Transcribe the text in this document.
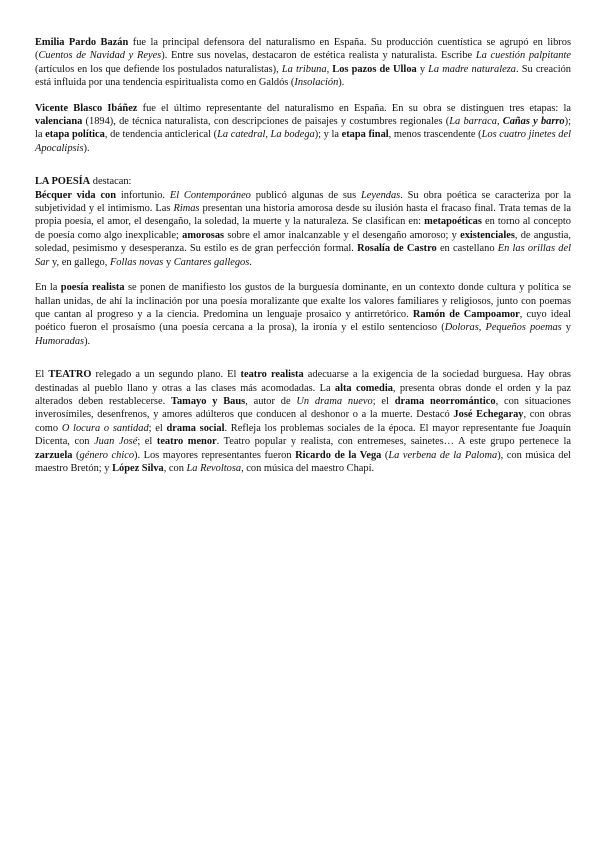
Emilia Pardo Bazán fue la principal defensora del naturalismo en España. Su producción cuentística se agrupó en libros (Cuentos de Navidad y Reyes). Entre sus novelas, destacaron de estética realista y naturalista. Escribe La cuestión palpitante (artículos en los que defiende los postulados naturalistas), La tribuna, Los pazos de Ulloa y La madre naturaleza. Su creación está influida por una tendencia espiritualista como en Galdós (Insolación).
Vicente Blasco Ibáñez fue el último representante del naturalismo en España. En su obra se distinguen tres etapas: la valenciana (1894), de técnica naturalista, con descripciones de paisajes y costumbres regionales (La barraca, Cañas y barro); la etapa política, de tendencia anticlerical (La catedral, La bodega); y la etapa final, menos trascendente (Los cuatro jinetes del Apocalipsis).
LA POESÍA destacan:
Bécquer vida con infortunio. El Contemporáneo publicó algunas de sus Leyendas. Su obra poética se caracteriza por la subjetividad y el intimismo. Las Rimas presentan una historia amorosa desde su ilusión hasta el fracaso final. Trata temas de la propia poesía, el amor, el desengaño, la soledad, la muerte y la naturaleza. Se clasifican en: metapoéticas en torno al concepto de poesía como algo inexplicable; amorosas sobre el amor inalcanzable y el desengaño amoroso; y existenciales, de angustia, soledad, pesimismo y desesperanza. Su estilo es de gran perfección formal. Rosalía de Castro en castellano En las orillas del Sar y, en gallego, Follas novas y Cantares gallegos.
En la poesía realista se ponen de manifiesto los gustos de la burguesía dominante, en un contexto donde cultura y política se hallan unidas, de ahí la inclinación por una poesía moralizante que exalte los valores familiares y religiosos, junto con poemas que cantan al progreso y a la ciencia. Predomina un lenguaje prosaico y antirretórico. Ramón de Campoamor, cuyo ideal poético fueron el prosaísmo (una poesía cercana a la prosa), la ironía y el estilo sentencioso (Doloras, Pequeños poemas y Humoradas).
El TEATRO relegado a un segundo plano. El teatro realista adecuarse a la exigencia de la sociedad burguesa. Hay obras destinadas al pueblo llano y otras a las clases más acomodadas. La alta comedia, presenta obras donde el orden y la paz alterados deben restablecerse. Tamayo y Baus, autor de Un drama nuevo; el drama neorromántico, con situaciones inverosímiles, desenfrenos, y amores adúlteros que conducen al deshonor o a la muerte. Destacó José Echegaray, con obras como O locura o santidad; el drama social. Refleja los problemas sociales de la época. El mayor representante fue Joaquín Dicenta, con Juan José; el teatro menor. Teatro popular y realista, con entremeses, sainetes… A este grupo pertenece la zarzuela (género chico). Los mayores representantes fueron Ricardo de la Vega (La verbena de la Paloma), con música del maestro Bretón; y López Silva, con La Revoltosa, con música del maestro Chapí.
